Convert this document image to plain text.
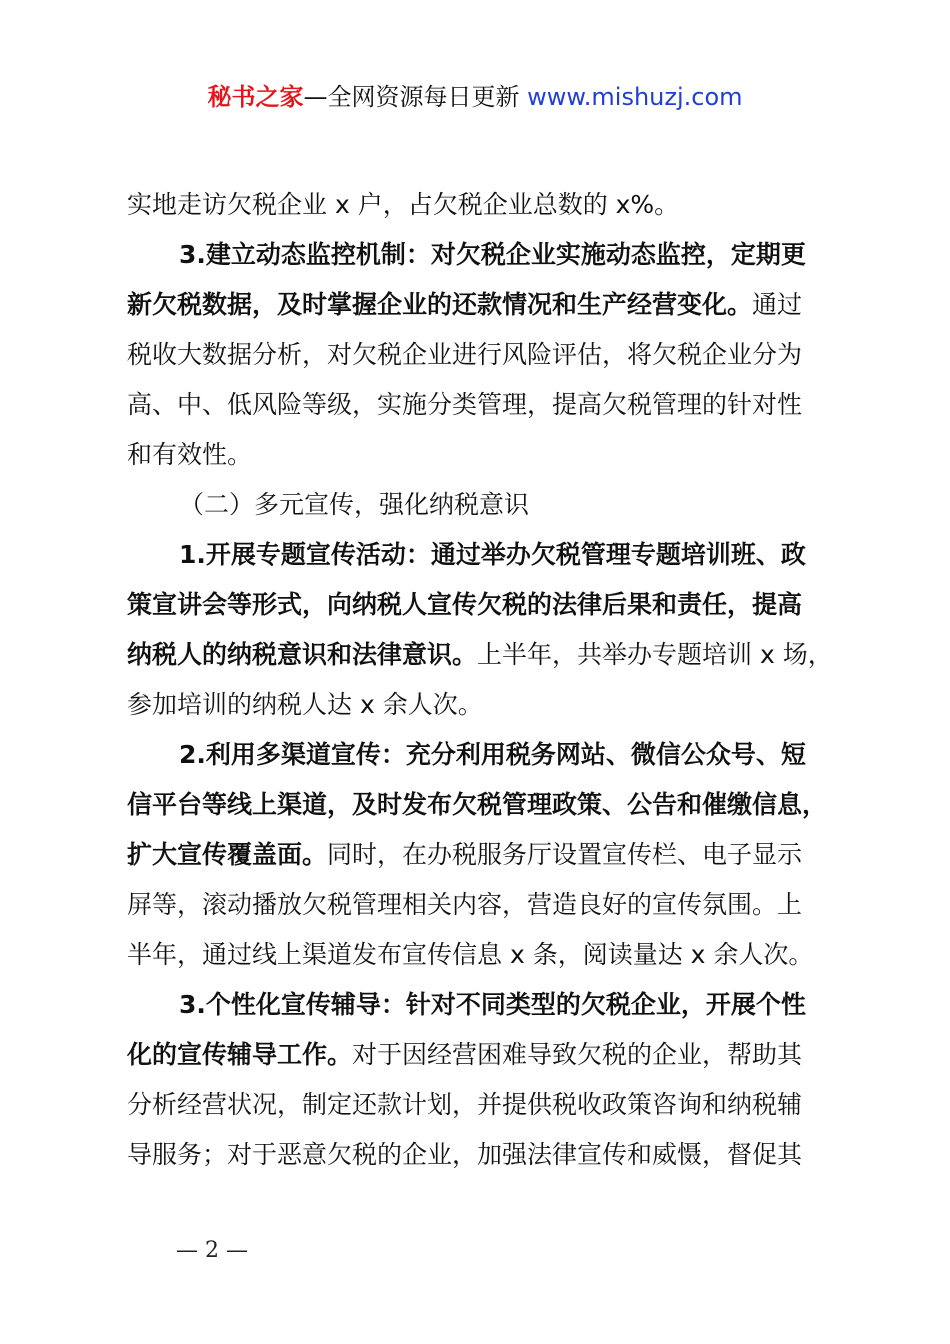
秘书之家—全网资源每日更新 www.mishuzj.com
实地走访欠税企业 x 户，占欠税企业总数的 x%。
3.建立动态监控机制：对欠税企业实施动态监控，定期更
新欠税数据，及时掌握企业的还款情况和生产经营变化。通过
税收大数据分析，对欠税企业进行风险评估，将欠税企业分为
高、中、低风险等级，实施分类管理，提高欠税管理的针对性
和有效性。
（二）多元宣传，强化纳税意识
1.开展专题宣传活动：通过举办欠税管理专题培训班、政
策宣讲会等形式，向纳税人宣传欠税的法律后果和责任，提高
纳税人的纳税意识和法律意识。上半年，共举办专题培训 x 场，
参加培训的纳税人达 x 余人次。
2.利用多渠道宣传：充分利用税务网站、微信公众号、短
信平台等线上渠道，及时发布欠税管理政策、公告和催缴信息，
扩大宣传覆盖面。同时，在办税服务厅设置宣传栏、电子显示
屏等，滚动播放欠税管理相关内容，营造良好的宣传氛围。上
半年，通过线上渠道发布宣传信息 x 条，阅读量达 x 余人次。
3.个性化宣传辅导：针对不同类型的欠税企业，开展个性
化的宣传辅导工作。对于因经营困难导致欠税的企业，帮助其
分析经营状况，制定还款计划，并提供税收政策咨询和纳税辅
导服务；对于恶意欠税的企业，加强法律宣传和威慑，督促其
— 2 —
